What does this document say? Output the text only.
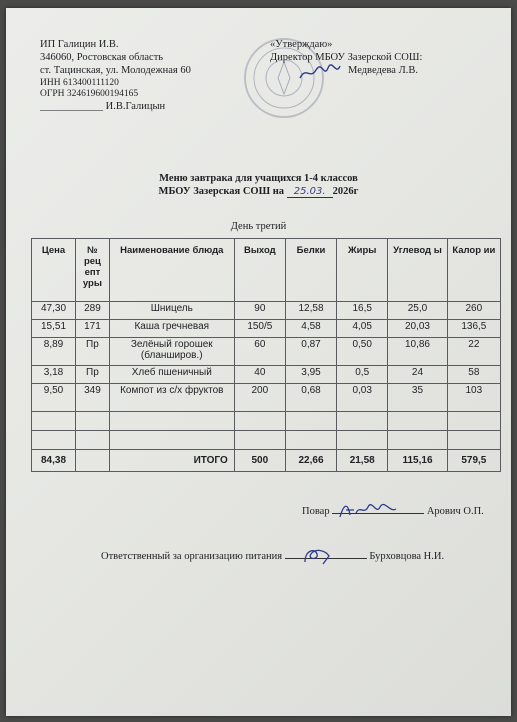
ИП Галицин И.В.
346060, Ростовская область
ст. Тацинская, ул. Молодежная 60
ИНН 613400111120
ОГРН 324619600194165
____________ И.В.Галицын
«Утверждаю»
Директор МБОУ Зазерской СОШ:
Медведева Л.В.
Меню завтрака для учащихся 1-4 классов
МБОУ Зазерская СОШ на 25.03. 2026г
День третий
Цена	№ рец епт уры	Наименование блюда	Выход	Белки	Жиры	Углевод ы	Калор ии
47,30	289	Шницель	90	12,58	16,5	25,0	260
15,51	171	Каша гречневая	150/5	4,58	4,05	20,03	136,5
8,89	Пр	Зелёный горошек (бланширов.)	60	0,87	0,50	10,86	22
3,18	Пр	Хлеб пшеничный	40	3,95	0,5	24	58
9,50	349	Компот из с/х фруктов	200	0,68	0,03	35	103

84,38		ИТОГО	500	22,66	21,58	115,16	579,5
Повар	Арович О.П.
Ответственный за организацию питания	Бурховцова Н.И.
